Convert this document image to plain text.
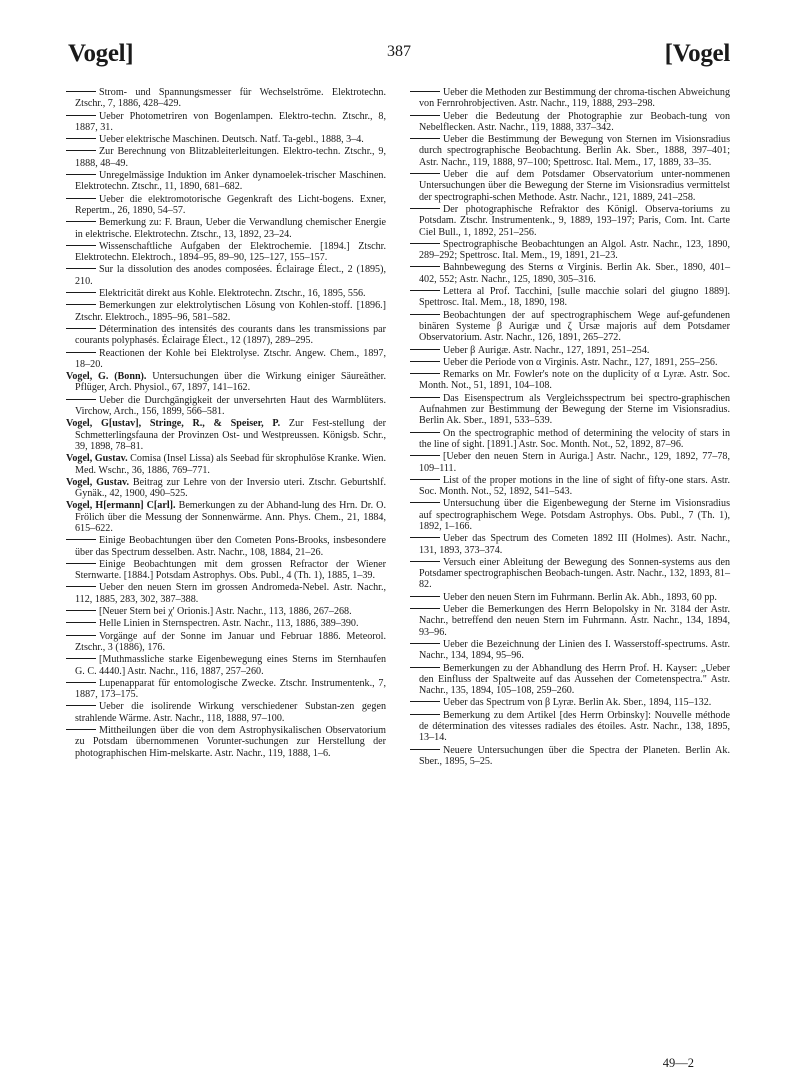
Vogel]	387	[Vogel
Strom- und Spannungsmesser für Wechselströme. Elektrotechn. Ztschr., 7, 1886, 428–429.
Ueber Photometriren von Bogenlampen. Elektro-techn. Ztschr., 8, 1887, 31.
Ueber elektrische Maschinen. Deutsch. Natf. Ta-gebl., 1888, 3–4.
Zur Berechnung von Blitzableiterleitungen. Elektro-techn. Ztschr., 9, 1888, 48–49.
Unregelmässige Induktion im Anker dynamoelek-trischer Maschinen. Elektrotechn. Ztschr., 11, 1890, 681–682.
Ueber die elektromotorische Gegenkraft des Licht-bogens. Exner, Repertm., 26, 1890, 54–57.
Bemerkung zu: F. Braun, Ueber die Verwandlung chemischer Energie in elektrische. Elektrotechn. Ztschr., 13, 1892, 23–24.
Wissenschaftliche Aufgaben der Elektrochemie. [1894.] Ztschr. Elektrotechn. Elektroch., 1894–95, 89–90, 125–127, 155–157.
Sur la dissolution des anodes composées. Éclairage Élect., 2 (1895), 210.
Elektricität direkt aus Kohle. Elektrotechn. Ztschr., 16, 1895, 556.
Bemerkungen zur elektrolytischen Lösung von Kohlen-stoff. [1896.] Ztschr. Elektroch., 1895–96, 581–582.
Détermination des intensités des courants dans les transmissions par courants polyphasés. Éclairage Élect., 12 (1897), 289–295.
Reactionen der Kohle bei Elektrolyse. Ztschr. Angew. Chem., 1897, 18–20.
Vogel, G. (Bonn). Untersuchungen über die Wirkung einiger Säureäther. Pflüger, Arch. Physiol., 67, 1897, 141–162.
Ueber die Durchgängigkeit der unversehrten Haut des Warmblüters. Virchow, Arch., 156, 1899, 566–581.
Vogel, G[ustav], Stringe, R., & Speiser, P. Zur Fest-stellung der Schmetterlingsfauna der Provinzen Ost- und Westpreussen. Königsb. Schr., 39, 1898, 78–81.
Vogel, Gustav. Comisa (Insel Lissa) als Seebad für skrophulöse Kranke. Wien. Med. Wschr., 36, 1886, 769–771.
Vogel, Gustav. Beitrag zur Lehre von der Inversio uteri. Ztschr. Geburtshlf. Gynäk., 42, 1900, 490–525.
Vogel, H[ermann] C[arl]. Bemerkungen zu der Abhand-lung des Hrn. Dr. O. Frölich über die Messung der Sonnenwärme. Ann. Phys. Chem., 21, 1884, 615–622.
Einige Beobachtungen über den Cometen Pons-Brooks, insbesondere über das Spectrum desselben. Astr. Nachr., 108, 1884, 21–26.
Einige Beobachtungen mit dem grossen Refractor der Wiener Sternwarte. [1884.] Potsdam Astrophys. Obs. Publ., 4 (Th. 1), 1885, 1–39.
Ueber den neuen Stern im grossen Andromeda-Nebel. Astr. Nachr., 112, 1885, 283, 302, 387–388.
[Neuer Stern bei χ' Orionis.] Astr. Nachr., 113, 1886, 267–268.
Helle Linien in Sternspectren. Astr. Nachr., 113, 1886, 389–390.
Vorgänge auf der Sonne im Januar und Februar 1886. Meteorol. Ztschr., 3 (1886), 176.
[Muthmassliche starke Eigenbewegung eines Sterns im Sternhaufen G. C. 4440.] Astr. Nachr., 116, 1887, 257–260.
Lupenapparat für entomologische Zwecke. Ztschr. Instrumentenk., 7, 1887, 173–175.
Ueber die isolirende Wirkung verschiedener Substan-zen gegen strahlende Wärme. Astr. Nachr., 118, 1888, 97–100.
Mittheilungen über die von dem Astrophysikalischen Observatorium zu Potsdam übernommenen Vorunter-suchungen zur Herstellung der photographischen Him-melskarte. Astr. Nachr., 119, 1888, 1–6.
Ueber die Methoden zur Bestimmung der chroma-tischen Abweichung von Fernrohrobjectiven. Astr. Nachr., 119, 1888, 293–298.
Ueber die Bedeutung der Photographie zur Beobach-tung von Nebelflecken. Astr. Nachr., 119, 1888, 337–342.
Ueber die Bestimmung der Bewegung von Sternen im Visionsradius durch spectrographische Beobachtung. Berlin Ak. Sber., 1888, 397–401; Astr. Nachr., 119, 1888, 97–100; Spettrosc. Ital. Mem., 17, 1889, 33–35.
Ueber die auf dem Potsdamer Observatorium unter-nommenen Untersuchungen über die Bewegung der Sterne im Visionsradius vermittelst der spectrographi-schen Methode. Astr. Nachr., 121, 1889, 241–258.
Der photographische Refraktor des Königl. Observa-toriums zu Potsdam. Ztschr. Instrumentenk., 9, 1889, 193–197; Paris, Com. Int. Carte Ciel Bull., 1, 1892, 251–256.
Spectrographische Beobachtungen an Algol. Astr. Nachr., 123, 1890, 289–292; Spettrosc. Ital. Mem., 19, 1891, 21–23.
Bahnbewegung des Sterns α Virginis. Berlin Ak. Sber., 1890, 401–402, 552; Astr. Nachr., 125, 1890, 305–316.
Lettera al Prof. Tacchini, [sulle macchie solari del giugno 1889]. Spettrosc. Ital. Mem., 18, 1890, 198.
Beobachtungen der auf spectrographischem Wege auf-gefundenen binären Systeme β Aurigæ und ζ Ursæ majoris auf dem Potsdamer Observatorium. Astr. Nachr., 126, 1891, 265–272.
Ueber β Aurigæ. Astr. Nachr., 127, 1891, 251–254.
Ueber die Periode von α Virginis. Astr. Nachr., 127, 1891, 255–256.
Remarks on Mr. Fowler's note on the duplicity of α Lyræ. Astr. Soc. Month. Not., 51, 1891, 104–108.
Das Eisenspectrum als Vergleichsspectrum bei spectro-graphischen Aufnahmen zur Bestimmung der Bewegung der Sterne im Visionsradius. Berlin Ak. Sber., 1891, 533–539.
On the spectrographic method of determining the velocity of stars in the line of sight. [1891.] Astr. Soc. Month. Not., 52, 1892, 87–96.
[Ueber den neuen Stern in Auriga.] Astr. Nachr., 129, 1892, 77–78, 109–111.
List of the proper motions in the line of sight of fifty-one stars. Astr. Soc. Month. Not., 52, 1892, 541–543.
Untersuchung über die Eigenbewegung der Sterne im Visionsradius auf spectrographischem Wege. Potsdam Astrophys. Obs. Publ., 7 (Th. 1), 1892, 1–166.
Ueber das Spectrum des Cometen 1892 III (Holmes). Astr. Nachr., 131, 1893, 373–374.
Versuch einer Ableitung der Bewegung des Sonnen-systems aus den Potsdamer spectrographischen Beobach-tungen. Astr. Nachr., 132, 1893, 81–82.
Ueber den neuen Stern im Fuhrmann. Berlin Ak. Abh., 1893, 60 pp.
Ueber die Bemerkungen des Herrn Belopolsky in Nr. 3184 der Astr. Nachr., betreffend den neuen Stern im Fuhrmann. Astr. Nachr., 134, 1894, 93–96.
Ueber die Bezeichnung der Linien des I. Wasserstoff-spectrums. Astr. Nachr., 134, 1894, 95–96.
Bemerkungen zu der Abhandlung des Herrn Prof. H. Kayser: „Ueber den Einfluss der Spaltweite auf das Aussehen der Cometenspectra." Astr. Nachr., 135, 1894, 105–108, 259–260.
Ueber das Spectrum von β Lyræ. Berlin Ak. Sber., 1894, 115–132.
Bemerkung zu dem Artikel [des Herrn Orbinsky]: Nouvelle méthode de détermination des vitesses radiales des étoiles. Astr. Nachr., 138, 1895, 13–14.
Neuere Untersuchungen über die Spectra der Planeten. Berlin Ak. Sber., 1895, 5–25.
49—2
